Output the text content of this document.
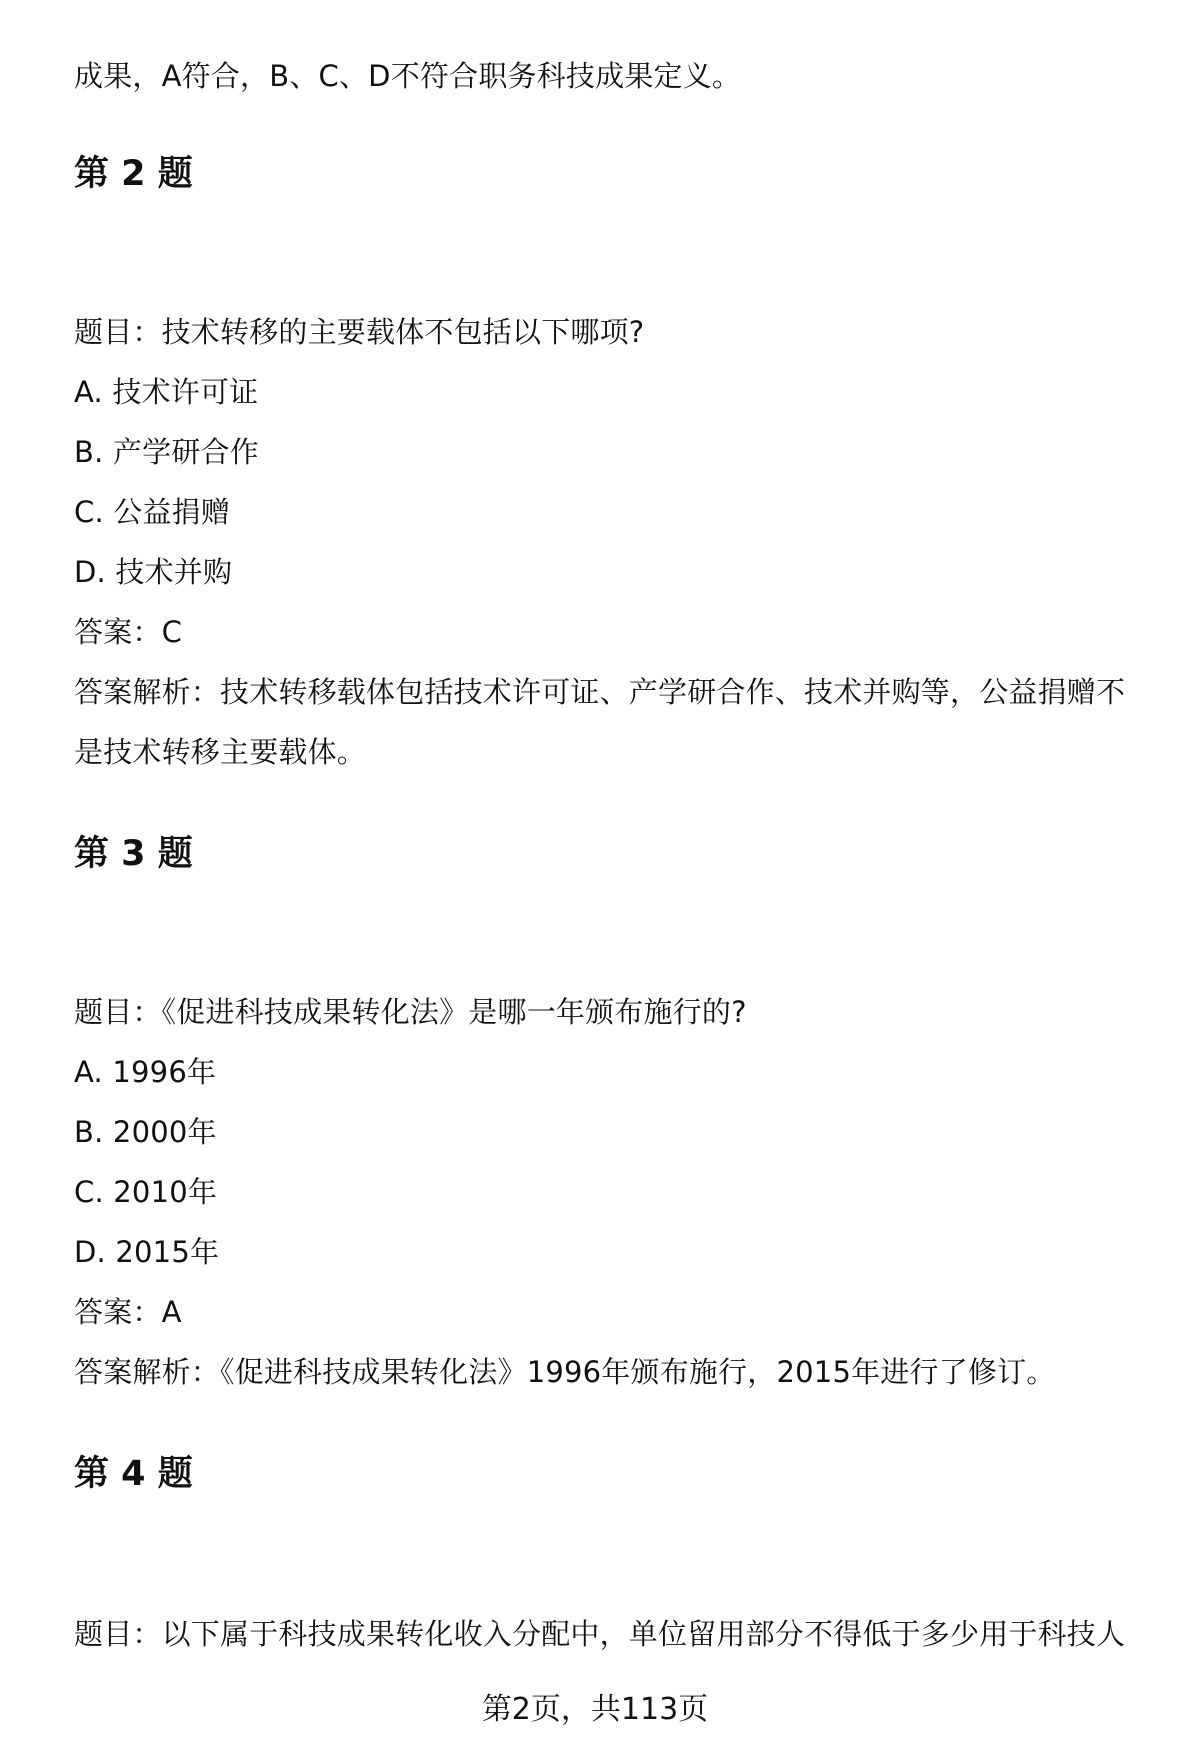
成果，A符合，B、C、D不符合职务科技成果定义。
第 2 题
题目：技术转移的主要载体不包括以下哪项?
A. 技术许可证
B. 产学研合作
C. 公益捐赠
D. 技术并购
答案：C
答案解析：技术转移载体包括技术许可证、产学研合作、技术并购等，公益捐赠不
是技术转移主要载体。
第 3 题
题目：《促进科技成果转化法》是哪一年颁布施行的?
A. 1996年
B. 2000年
C. 2010年
D. 2015年
答案：A
答案解析：《促进科技成果转化法》1996年颁布施行，2015年进行了修订。
第 4 题
题目：以下属于科技成果转化收入分配中，单位留用部分不得低于多少用于科技人
第2页，共113页
